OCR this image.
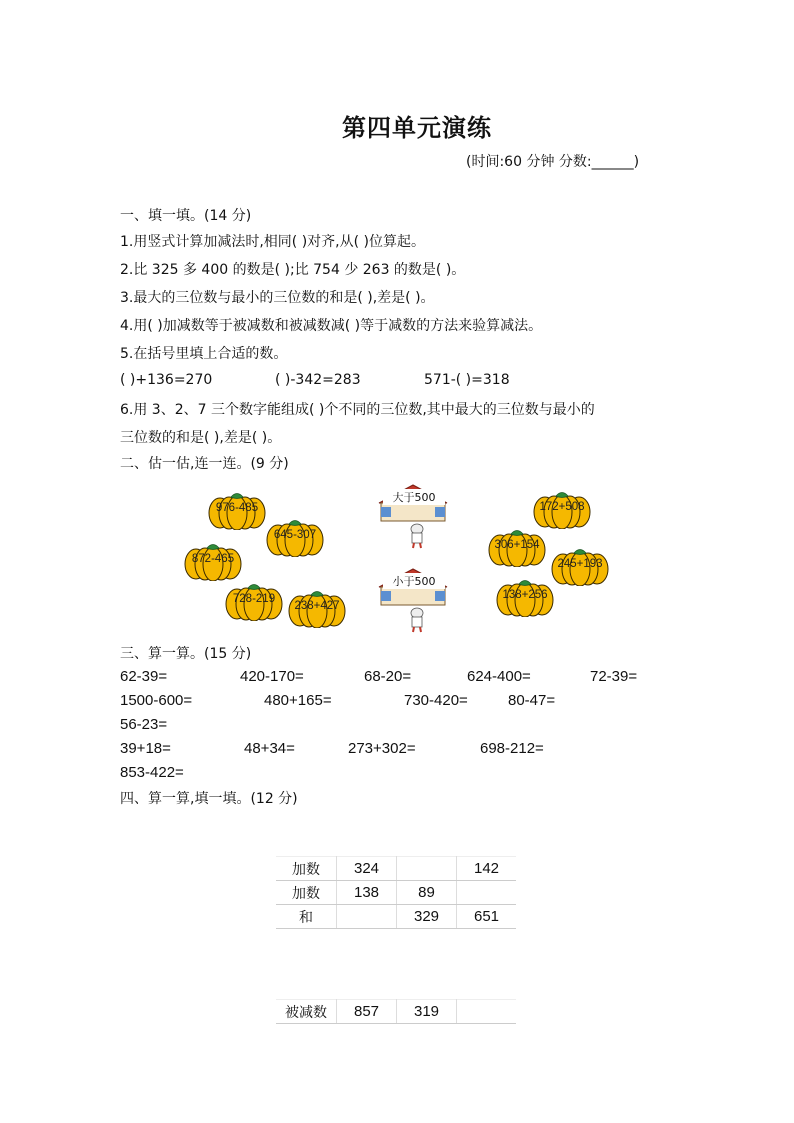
第四单元演练
(时间:60 分钟 分数:______)
一、填一填。(14 分)
1.用竖式计算加减法时,相同( )对齐,从( )位算起。
2.比 325 多 400 的数是( );比 754 少 263 的数是( )。
3.最大的三位数与最小的三位数的和是( ),差是( )。
4.用( )加减数等于被减数和被减数减( )等于减数的方法来验算减法。
5.在括号里填上合适的数。
( )+136=270	( )-342=283	571-( )=318
6.用 3、2、7 三个数字能组成( )个不同的三位数,其中最大的三位数与最小的
三位数的和是( ),差是( )。
二、估一估,连一连。(9 分)
976-485
645-307
872-465
728-219
238+427
172+508
306+154
245+193
138+256
大于500
小于500
三、算一算。(15 分)
62-39=	420-170=	68-20=	624-400=	72-39=
1500-600=	480+165=	730-420=	80-47=
56-23=
39+18=	48+34=	273+302=	698-212=
853-422=
四、算一算,填一填。(12 分)
加数	324		142
加数	138	89	
和		329	651
被减数	857	319	
